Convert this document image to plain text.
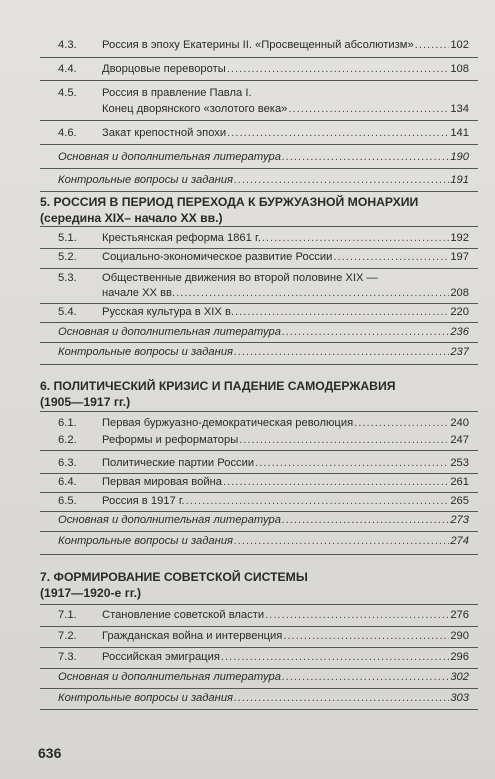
4.3.	Россия в эпоху Екатерины II. «Просвещенный абсолютизм» .....	102
4.4.	Дворцовые перевороты .....	108
4.5.	Россия в правление Павла I.
Конец дворянского «золотого века» .....	134
4.6.	Закат крепостной эпохи .....	141
Основная и дополнительная литература .....	190
Контрольные вопросы и задания .....	191
5. РОССИЯ В ПЕРИОД ПЕРЕХОДА К БУРЖУАЗНОЙ МОНАРХИИ
(середина XIX– начало XX вв.)
5.1.	Крестьянская реформа 1861 г. .....	192
5.2.	Социально-экономическое развитие России .....	197
5.3.	Общественные движения во второй половине XIX —
начале XX вв. .....	208
5.4.	Русская культура в XIX в. .....	220
Основная и дополнительная литература .....	236
Контрольные вопросы и задания .....	237
6. ПОЛИТИЧЕСКИЙ КРИЗИС И ПАДЕНИЕ САМОДЕРЖАВИЯ
(1905—1917 гг.)
6.1.	Первая буржуазно-демократическая революция .....	240
6.2.	Реформы и реформаторы .....	247
6.3.	Политические партии России .....	253
6.4.	Первая мировая война .....	261
6.5.	Россия в 1917 г. .....	265
Основная и дополнительная литература .....	273
Контрольные вопросы и задания .....	274
7. ФОРМИРОВАНИЕ СОВЕТСКОЙ СИСТЕМЫ
(1917—1920-е гг.)
7.1.	Становление советской власти .....	276
7.2.	Гражданская война и интервенция .....	290
7.3.	Российская эмиграция .....	296
Основная и дополнительная литература .....	302
Контрольные вопросы и задания .....	303
636
